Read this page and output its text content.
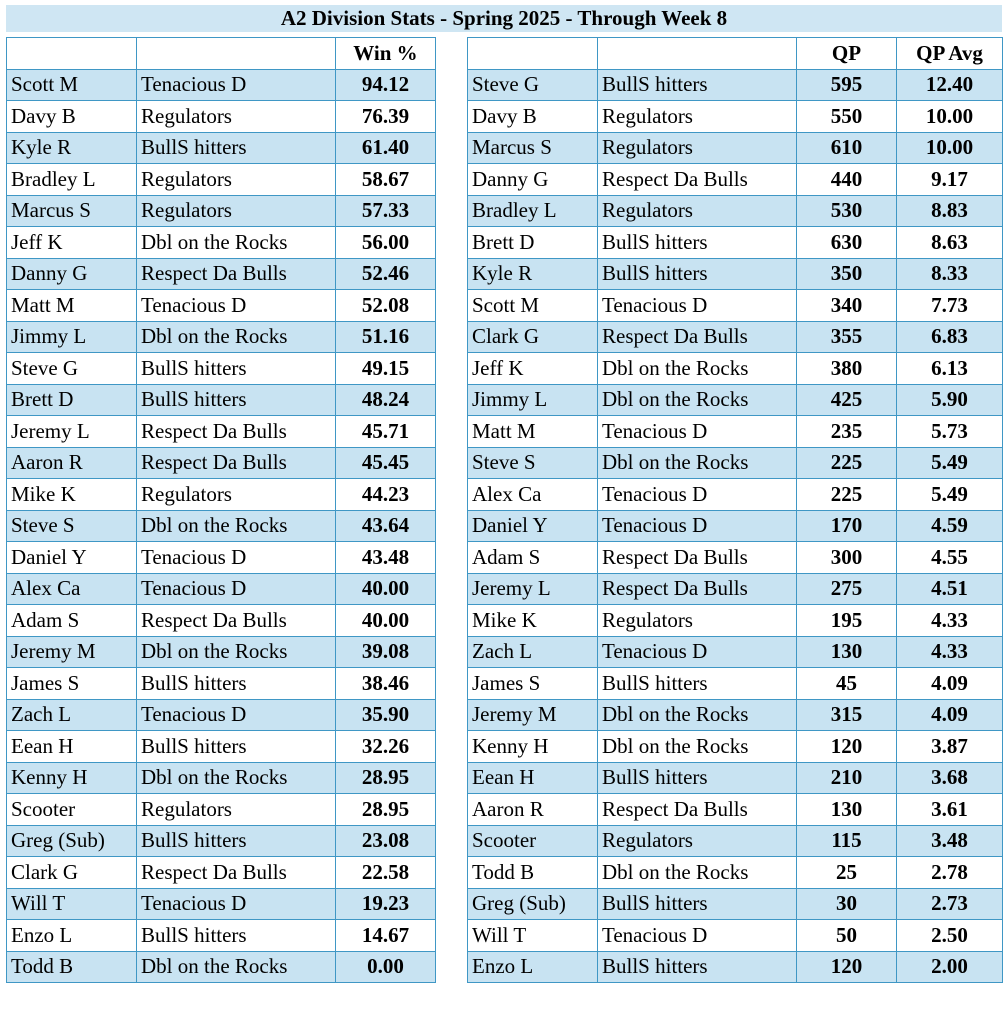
A2 Division Stats - Spring 2025 - Through Week 8
		Win %
Scott M	Tenacious D	94.12
Davy B	Regulators	76.39
Kyle R	BullS hitters	61.40
Bradley L	Regulators	58.67
Marcus S	Regulators	57.33
Jeff K	Dbl on the Rocks	56.00
Danny G	Respect Da Bulls	52.46
Matt M	Tenacious D	52.08
Jimmy L	Dbl on the Rocks	51.16
Steve G	BullS hitters	49.15
Brett D	BullS hitters	48.24
Jeremy L	Respect Da Bulls	45.71
Aaron R	Respect Da Bulls	45.45
Mike K	Regulators	44.23
Steve S	Dbl on the Rocks	43.64
Daniel Y	Tenacious D	43.48
Alex Ca	Tenacious D	40.00
Adam S	Respect Da Bulls	40.00
Jeremy M	Dbl on the Rocks	39.08
James S	BullS hitters	38.46
Zach L	Tenacious D	35.90
Eean H	BullS hitters	32.26
Kenny H	Dbl on the Rocks	28.95
Scooter	Regulators	28.95
Greg (Sub)	BullS hitters	23.08
Clark G	Respect Da Bulls	22.58
Will T	Tenacious D	19.23
Enzo L	BullS hitters	14.67
Todd B	Dbl on the Rocks	0.00
		QP	QP Avg
Steve G	BullS hitters	595	12.40
Davy B	Regulators	550	10.00
Marcus S	Regulators	610	10.00
Danny G	Respect Da Bulls	440	9.17
Bradley L	Regulators	530	8.83
Brett D	BullS hitters	630	8.63
Kyle R	BullS hitters	350	8.33
Scott M	Tenacious D	340	7.73
Clark G	Respect Da Bulls	355	6.83
Jeff K	Dbl on the Rocks	380	6.13
Jimmy L	Dbl on the Rocks	425	5.90
Matt M	Tenacious D	235	5.73
Steve S	Dbl on the Rocks	225	5.49
Alex Ca	Tenacious D	225	5.49
Daniel Y	Tenacious D	170	4.59
Adam S	Respect Da Bulls	300	4.55
Jeremy L	Respect Da Bulls	275	4.51
Mike K	Regulators	195	4.33
Zach L	Tenacious D	130	4.33
James S	BullS hitters	45	4.09
Jeremy M	Dbl on the Rocks	315	4.09
Kenny H	Dbl on the Rocks	120	3.87
Eean H	BullS hitters	210	3.68
Aaron R	Respect Da Bulls	130	3.61
Scooter	Regulators	115	3.48
Todd B	Dbl on the Rocks	25	2.78
Greg (Sub)	BullS hitters	30	2.73
Will T	Tenacious D	50	2.50
Enzo L	BullS hitters	120	2.00
